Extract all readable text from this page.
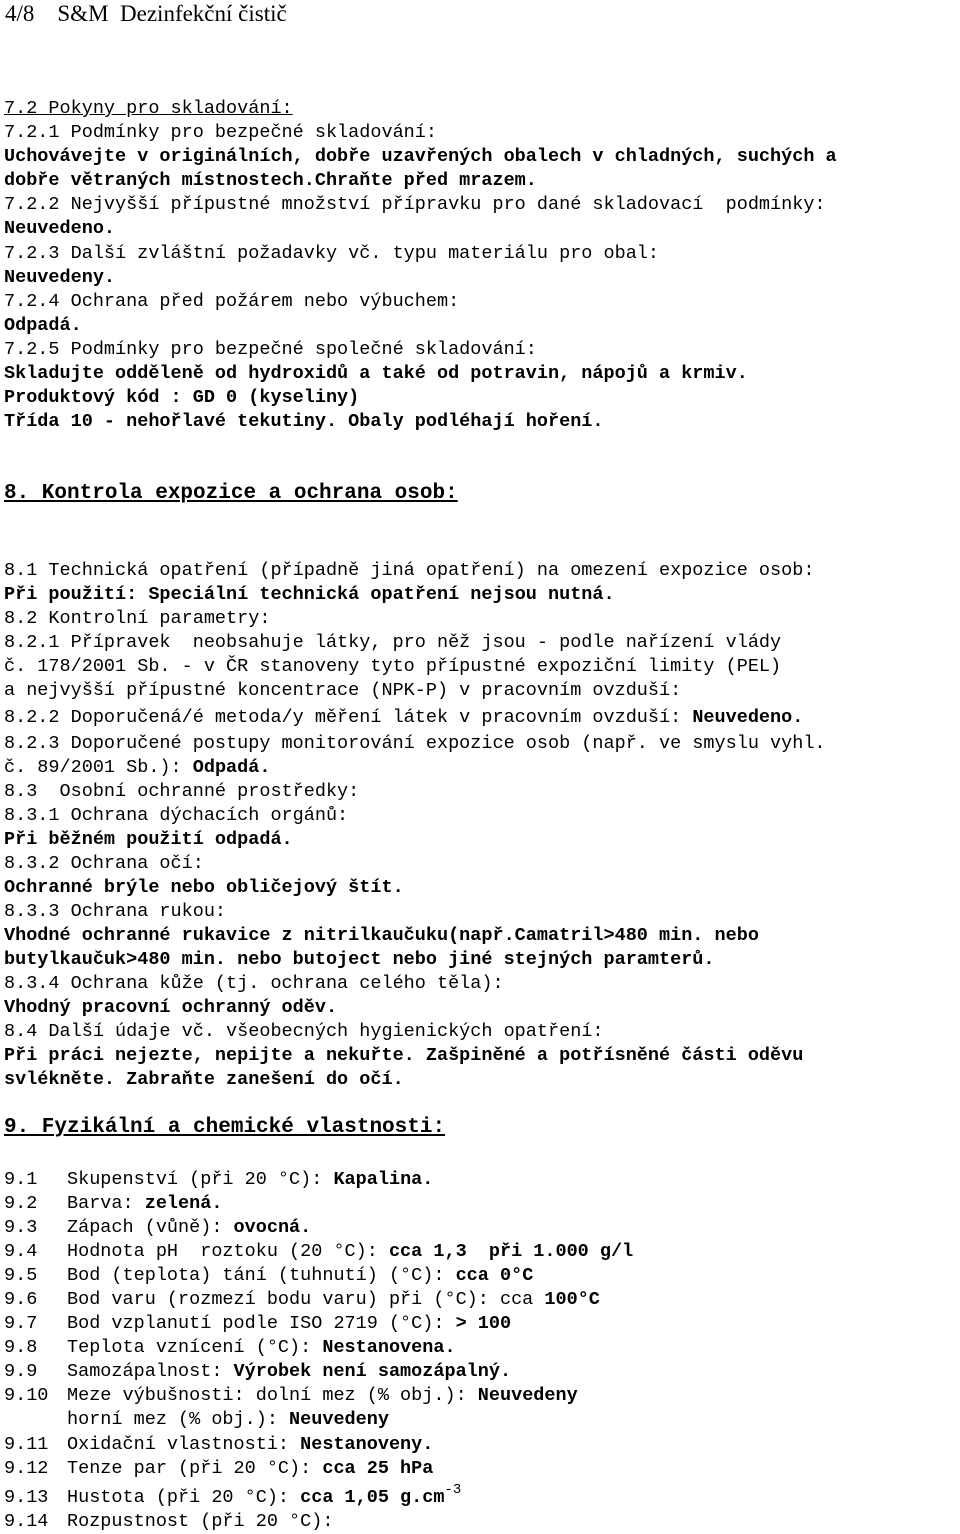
4/8    S&M  Dezinfekční čistič
7.2 Pokyny pro skladování:
7.2.1 Podmínky pro bezpečné skladování:
Uchovávejte v originálních, dobře uzavřených obalech v chladných, suchých a
dobře větraných místnostech.Chraňte před mrazem.
7.2.2 Nejvyšší přípustné množství přípravku pro dané skladovací  podmínky:
Neuvedeno.
7.2.3 Další zvláštní požadavky vč. typu materiálu pro obal:
Neuvedeny.
7.2.4 Ochrana před požárem nebo výbuchem:
Odpadá.
7.2.5 Podmínky pro bezpečné společné skladování:
Skladujte odděleně od hydroxidů a také od potravin, nápojů a krmiv.
Produktový kód : GD 0 (kyseliny)
Třída 10 - nehořlavé tekutiny. Obaly podléhají hoření.
8. Kontrola expozice a ochrana osob:
8.1 Technická opatření (případně jiná opatření) na omezení expozice osob:
Při použití: Speciální technická opatření nejsou nutná.
8.2 Kontrolní parametry:
8.2.1 Přípravek  neobsahuje látky, pro něž jsou - podle nařízení vlády
č. 178/2001 Sb. - v ČR stanoveny tyto přípustné expoziční limity (PEL)
a nejvyšší přípustné koncentrace (NPK-P) v pracovním ovzduší:
8.2.2 Doporučená/é metoda/y měření látek v pracovním ovzduší: Neuvedeno.
8.2.3 Doporučené postupy monitorování expozice osob (např. ve smyslu vyhl.
č. 89/2001 Sb.): Odpadá.
8.3  Osobní ochranné prostředky:
8.3.1 Ochrana dýchacích orgánů:
Při běžném použití odpadá.
8.3.2 Ochrana očí:
Ochranné brýle nebo obličejový štít.
8.3.3 Ochrana rukou:
Vhodné ochranné rukavice z nitrilkaučuku(např.Camatril>480 min. nebo
butylkaučuk>480 min. nebo butoject nebo jiné stejných paramterů.
8.3.4 Ochrana kůže (tj. ochrana celého těla):
Vhodný pracovní ochranný oděv.
8.4 Další údaje vč. všeobecných hygienických opatření:
Při práci nejezte, nepijte a nekuřte. Zašpiněné a potřísněné části oděvu
svlékněte. Zabraňte zanešení do očí.
9. Fyzikální a chemické vlastnosti:
9.1 Skupenství (při 20 °C): Kapalina.
9.2 Barva: zelená.
9.3 Zápach (vůně): ovocná.
9.4 Hodnota pH  roztoku (20 °C): cca 1,3  při 1.000 g/l
9.5 Bod (teplota) tání (tuhnutí) (°C): cca 0°C
9.6 Bod varu (rozmezí bodu varu) při (°C): cca 100°C
9.7 Bod vzplanutí podle ISO 2719 (°C): > 100
9.8 Teplota vznícení (°C): Nestanovena.
9.9 Samozápalnost: Výrobek není samozápalný.
9.10 Meze výbušnosti: dolní mez (% obj.): Neuvedeny
horní mez (% obj.): Neuvedeny
9.11 Oxidační vlastnosti: Nestanoveny.
9.12 Tenze par (při 20 °C): cca 25 hPa
9.13 Hustota (při 20 °C): cca 1,05 $g.cm^{-3}$
9.14 Rozpustnost (při 20 °C):
